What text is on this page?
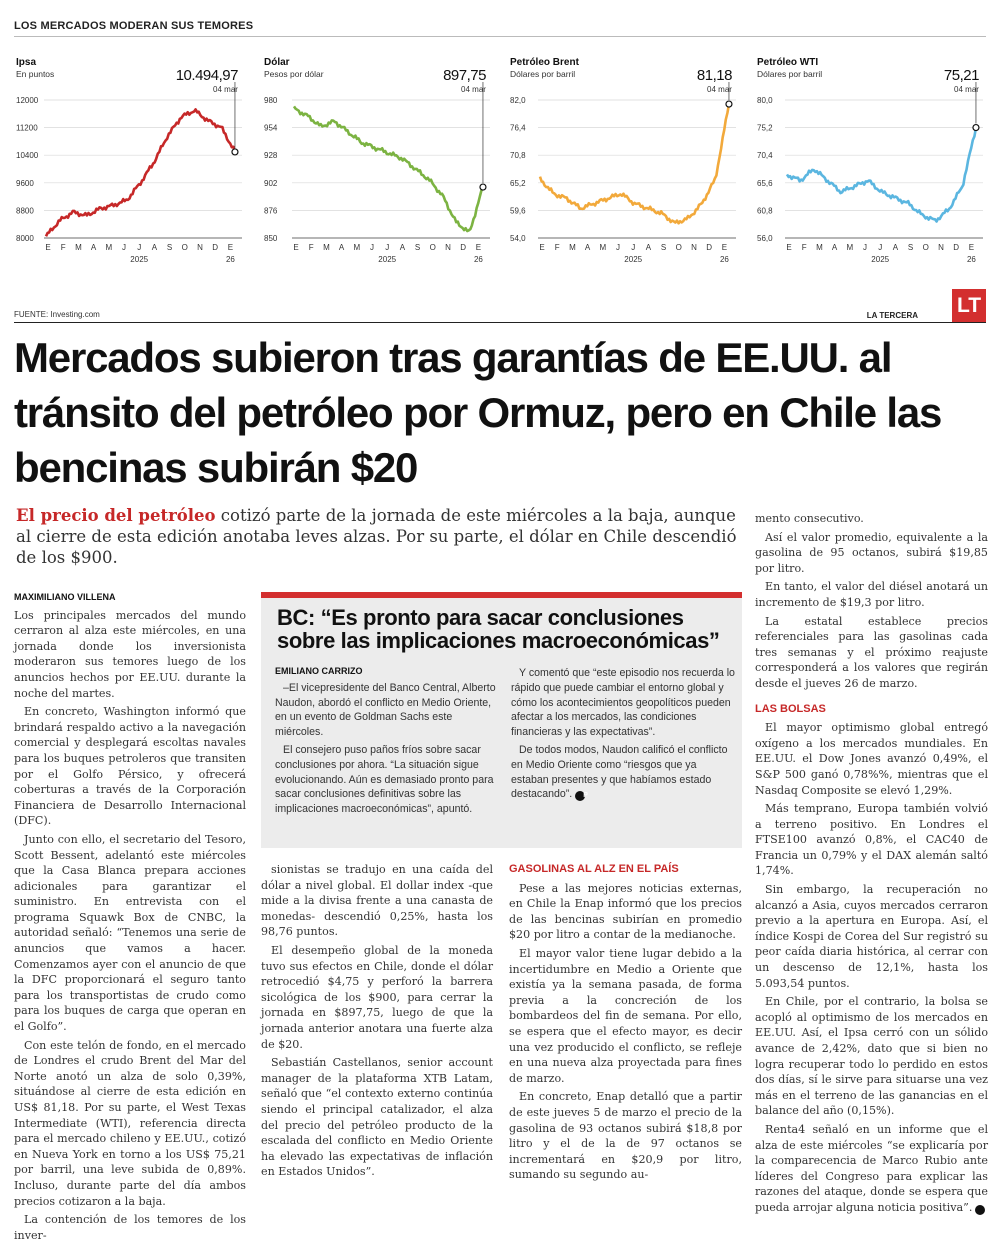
LOS MERCADOS MODERAN SUS TEMORES
Ipsa
En puntos
12000
11200
10400
9600
8800
8000
E F M A M J J A S O N D E
2025	26
10.494,97
04 mar
Dólar
Pesos por dólar
980
954
928
902
876
850
E F M A M J J A S O N D E
2025	26
897,75
04 mar
Petróleo Brent
Dólares por barril
82,0
76,4
70,8
65,2
59,6
54,0
E F M A M J J A S O N D E
2025	26
81,18
04 mar
Petróleo WTI
Dólares por barril
80,0
75,2
70,4
65,6
60,8
56,0
E F M A M J J A S O N D E
2025	26
75,21
04 mar
FUENTE: Investing.com	LA TERCERA LT
Mercados subieron tras garantías de EE.UU. al tránsito del petróleo por Ormuz, pero en Chile las bencinas subirán $20

El precio del petróleo cotizó parte de la jornada de este miércoles a la baja, aunque al cierre de esta edición anotaba leves alzas. Por su parte, el dólar en Chile descendió de los $900.

MAXIMILIANO VILLENA

Los principales mercados del mundo cerraron al alza este miércoles, en una jornada donde los inversionista moderaron sus temores luego de los anuncios hechos por EE.UU. durante la noche del martes.

En concreto, Washington informó que brindará respaldo activo a la navegación comercial y desplegará escoltas navales para los buques petroleros que transiten por el Golfo Pérsico, y ofrecerá coberturas a través de la Corporación Financiera de Desarrollo Internacional (DFC).

Junto con ello, el secretario del Tesoro, Scott Bessent, adelantó este miércoles que la Casa Blanca prepara acciones adicionales para garantizar el suministro. En entrevista con el programa Squawk Box de CNBC, la autoridad señaló: “Tenemos una serie de anuncios que vamos a hacer. Comenzamos ayer con el anuncio de que la DFC proporcionará el seguro tanto para los transportistas de crudo como para los buques de carga que operan en el Golfo”.

Con este telón de fondo, en el mercado de Londres el crudo Brent del Mar del Norte anotó un alza de solo 0,39%, situándose al cierre de esta edición en US$ 81,18. Por su parte, el West Texas Intermediate (WTI), referencia directa para el mercado chileno y EE.UU., cotizó en Nueva York en torno a los US$ 75,21 por barril, una leve subida de 0,89%. Incluso, durante parte del día ambos precios cotizaron a la baja.

La contención de los temores de los inver-

BC: “Es pronto para sacar conclusiones sobre las implicaciones macroeconómicas”
EMILIANO CARRIZO

–El vicepresidente del Banco Central, Alberto Naudon, abordó el conflicto en Medio Oriente, en un evento de Goldman Sachs este miércoles.

El consejero puso paños fríos sobre sacar conclusiones por ahora. “La situación sigue evolucionando. Aún es demasiado pronto para sacar conclusiones definitivas sobre las implicaciones macroeconómicas”, apuntó.

Y comentó que “este episodio nos recuerda lo rápido que puede cambiar el entorno global y cómo los acontecimientos geopolíticos pueden afectar a los mercados, las condiciones financieras y las expectativas”.

De todos modos, Naudon calificó el conflicto en Medio Oriente como “riesgos que ya estaban presentes y que habíamos estado destacando”. P

sionistas se tradujo en una caída del dólar a nivel global. El dollar index -que mide a la divisa frente a una canasta de monedas- descendió 0,25%, hasta los 98,76 puntos.

El desempeño global de la moneda tuvo sus efectos en Chile, donde el dólar retrocedió $4,75 y perforó la barrera sicológica de los $900, para cerrar la jornada en $897,75, luego de que la jornada anterior anotara una fuerte alza de $20.

Sebastián Castellanos, senior account manager de la plataforma XTB Latam, señaló que “el contexto externo continúa siendo el principal catalizador, el alza del precio del petróleo producto de la escalada del conflicto en Medio Oriente ha elevado las expectativas de inflación en Estados Unidos”.

GASOLINAS AL ALZ EN EL PAÍS

Pese a las mejores noticias externas, en Chile la Enap informó que los precios de las bencinas subirían en promedio $20 por litro a contar de la medianoche.

El mayor valor tiene lugar debido a la incertidumbre en Medio a Oriente que existía ya la semana pasada, de forma previa a la concreción de los bombardeos del fin de semana. Por ello, se espera que el efecto mayor, es decir una vez producido el conflicto, se refleje en una nueva alza proyectada para fines de marzo.

En concreto, Enap detalló que a partir de este jueves 5 de marzo el precio de la gasolina de 93 octanos subirá $18,8 por litro y el de la de 97 octanos se incrementará en $20,9 por litro, sumando su segundo au-

mento consecutivo.

Así el valor promedio, equivalente a la gasolina de 95 octanos, subirá $19,85 por litro.

En tanto, el valor del diésel anotará un incremento de $19,3 por litro.

La estatal establece precios referenciales para las gasolinas cada tres semanas y el próximo reajuste corresponderá a los valores que regirán desde el jueves 26 de marzo.

LAS BOLSAS

El mayor optimismo global entregó oxígeno a los mercados mundiales. En EE.UU. el Dow Jones avanzó 0,49%, el S&P 500 ganó 0,78%%, mientras que el Nasdaq Composite se elevó 1,29%.

Más temprano, Europa también volvió a terreno positivo. En Londres el FTSE100 avanzó 0,8%, el CAC40 de Francia un 0,79% y el DAX alemán saltó 1,74%.

Sin embargo, la recuperación no alcanzó a Asia, cuyos mercados cerraron previo a la apertura en Europa. Así, el índice Kospi de Corea del Sur registró su peor caída diaria histórica, al cerrar con un descenso de 12,1%, hasta los 5.093,54 puntos.

En Chile, por el contrario, la bolsa se acopló al optimismo de los mercados en EE.UU. Así, el Ipsa cerró con un sólido avance de 2,42%, dato que si bien no logra recuperar todo lo perdido en estos dos días, sí le sirve para situarse una vez más en el terreno de las ganancias en el balance del año (0,15%).

Renta4 señaló en un informe que el alza de este miércoles “se explicaría por la comparecencia de Marco Rubio ante líderes del Congreso para explicar las razones del ataque, donde se espera que pueda arrojar alguna noticia positiva”. P
